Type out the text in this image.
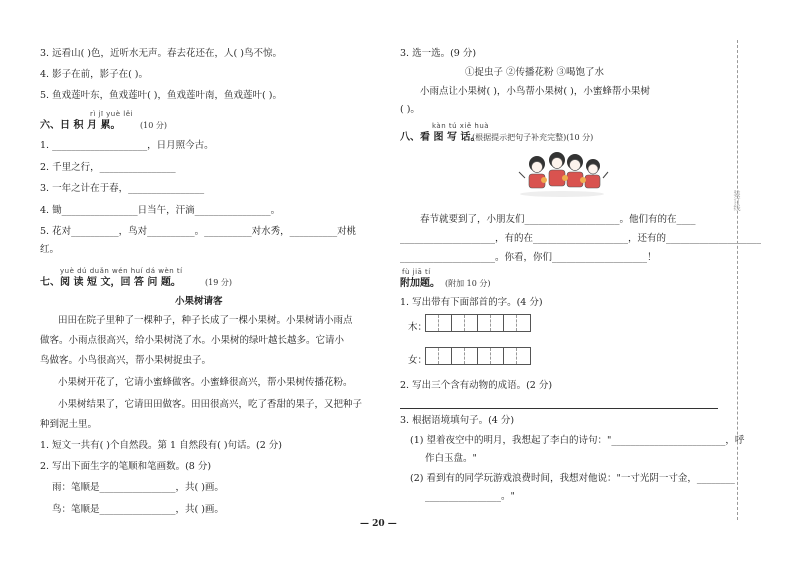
3. 远看山( )色，近听水无声。春去花还在，人( )鸟不惊。
4. 影子在前，影子在( )。
5. 鱼戏莲叶东，鱼戏莲叶( )，鱼戏莲叶南，鱼戏莲叶( )。
rì jī yuè lěi
六、日 积 月 累。 (10 分)
1. ____________________，日月照今古。
2. 千里之行，________________
3. 一年之计在于春，________________
4. 锄________________日当午，汗滴________________。
5. 花对__________，鸟对__________。__________对水秀，__________对桃
红。
yuè dú duǎn wén huí dá wèn tí
七、阅 读 短 文，回 答 问 题。	(19 分)
小果树请客
田田在院子里种了一棵种子，种子长成了一棵小果树。小果树请小雨点
做客。小雨点很高兴，给小果树浇了水。小果树的绿叶越长越多。它请小
鸟做客。小鸟很高兴，帮小果树捉虫子。
小果树开花了，它请小蜜蜂做客。小蜜蜂很高兴，帮小果树传播花粉。
小果树结果了，它请田田做客。田田很高兴，吃了香甜的果子，又把种子
种到泥土里。
1. 短文一共有( )个自然段。第 1 自然段有( )句话。(2 分)
2. 写出下面生字的笔顺和笔画数。(8 分)
雨：笔顺是________________，共( )画。
鸟：笔顺是________________，共( )画。
3. 选一选。(9 分)
①捉虫子 ②传播花粉 ③喝饱了水
小雨点让小果树( )，小鸟帮小果树( )，小蜜蜂帮小果树
( )。
kàn tú xiě huà
八、看 图 写 话。
(根据提示把句子补充完整)(10 分)
春节就要到了，小朋友们____________________。他们有的在____
____________________，有的在____________________，还有的____________________
____________________。你看，你们____________________！
fù jiā tí
附加题。 (附加 10 分)
1. 写出带有下面部首的字。(4 分)
木：
女：
2. 写出三个含有动物的成语。(2 分)
3. 根据语境填句子。(4 分)
(1) 望着夜空中的明月，我想起了李白的诗句："________________________，呼
作白玉盘。"
(2) 看到有的同学玩游戏浪费时间，我想对他说："一寸光阴一寸金，________
________________。"
装订线
— 20 —
